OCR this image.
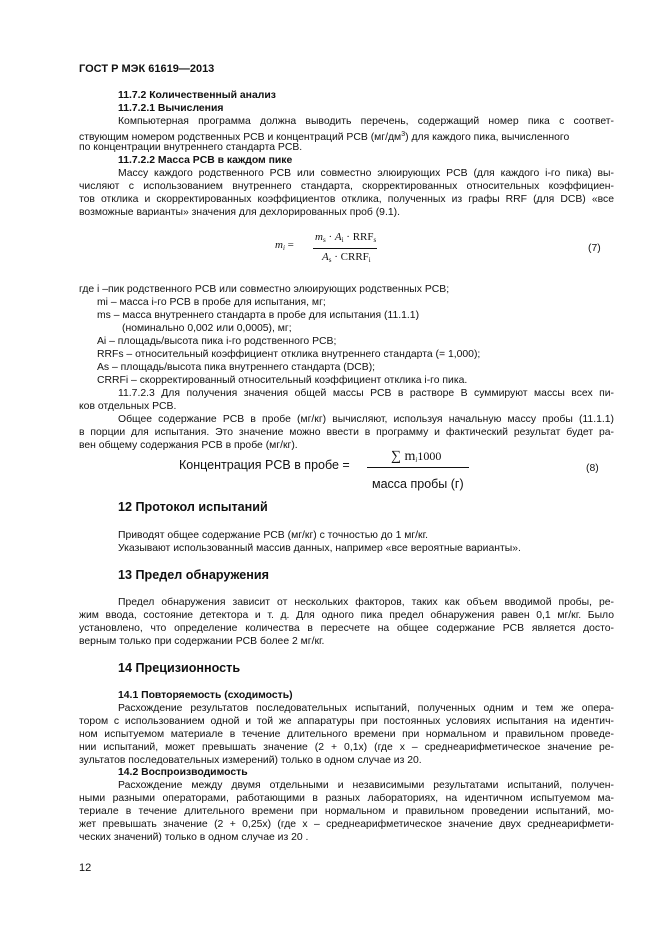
ГОСТ Р МЭК 61619—2013
11.7.2 Количественный анализ
11.7.2.1 Вычисления
Компьютерная программа должна выводить перечень, содержащий номер пика с соответ-
ствующим номером родственных PCB и концентраций PCB $(мг/дм^3)$ для каждого пика, вычисленного
по концентрации внутреннего стандарта PCB.
11.7.2.2 Масса PCB в каждом пике
Массу каждого родственного PCB или совместно элюирующих PCB (для каждого i-го пика) вы-
числяют с использованием внутреннего стандарта, скорректированных относительных коэффициен-
тов отклика и скорректированных коэффициентов отклика, полученных из графы RRF (для DCB) «все
возможные варианты» значения для дехлорированных проб (9.1).
$m_i$ =
$m_s \cdot A_i \cdot RRF_s$
$A_s$ · $CRRF_i$
(7)
где i –пик родственного PCB или совместно элюирующих родственных PCB;
mi – масса i-го PCB в пробе для испытания, мг;
ms – масса внутреннего стандарта в пробе для испытания (11.1.1)
(номинально 0,002 или 0,0005), мг;
Ai – площадь/высота пика i-го родственного PCB;
RRFs – относительный коэффициент отклика внутреннего стандарта (= 1,000);
As – площадь/высота пика внутреннего стандарта (DCB);
CRRFi – скорректированный относительный коэффициент отклика i-го пика.
11.7.2.3 Для получения значения общей массы PCB в растворе В суммируют массы всех пи-
ков отдельных PCB.
Общее содержание PCB в пробе (мг/кг) вычисляют, используя начальную массу пробы (11.1.1)
в порции для испытания. Это значение можно ввести в программу и фактический результат будет ра-
вен общему содержания PCB в пробе (мг/кг).
Концентрация PCB в пробе =
∑ $m_i1000$
масса пробы (г)
(8)
12 Протокол испытаний
Приводят общее содержание PCB (мг/кг) с точностью до 1 мг/кг.
Указывают использованный массив данных, например «все вероятные варианты».
13 Предел обнаружения
Предел обнаружения зависит от нескольких факторов, таких как объем вводимой пробы, ре-
жим ввода, состояние детектора и т. д. Для одного пика предел обнаружения равен 0,1 мг/кг. Было
установлено, что определение количества в пересчете на общее содержание PCB является досто-
верным только при содержании PCB более 2 мг/кг.
14 Прецизионность
14.1 Повторяемость (сходимость)
Расхождение результатов последовательных испытаний, полученных одним и тем же опера-
тором с использованием одной и той же аппаратуры при постоянных условиях испытания на идентич-
ном испытуемом материале в течение длительного времени при нормальном и правильном проведе-
нии испытаний, может превышать значение (2 + 0,1x) (где x – среднеарифметическое значение ре-
зультатов последовательных измерений) только в одном случае из 20.
14.2 Воспроизводимость
Расхождение между двумя отдельными и независимыми результатами испытаний, получен-
ными разными операторами, работающими в разных лабораториях, на идентичном испытуемом ма-
териале в течение длительного времени при нормальном и правильном проведении испытаний, мо-
жет превышать значение (2 + 0,25x) (где x – среднеарифметическое значение двух среднеарифмети-
ческих значений) только в одном случае из 20 .
12
